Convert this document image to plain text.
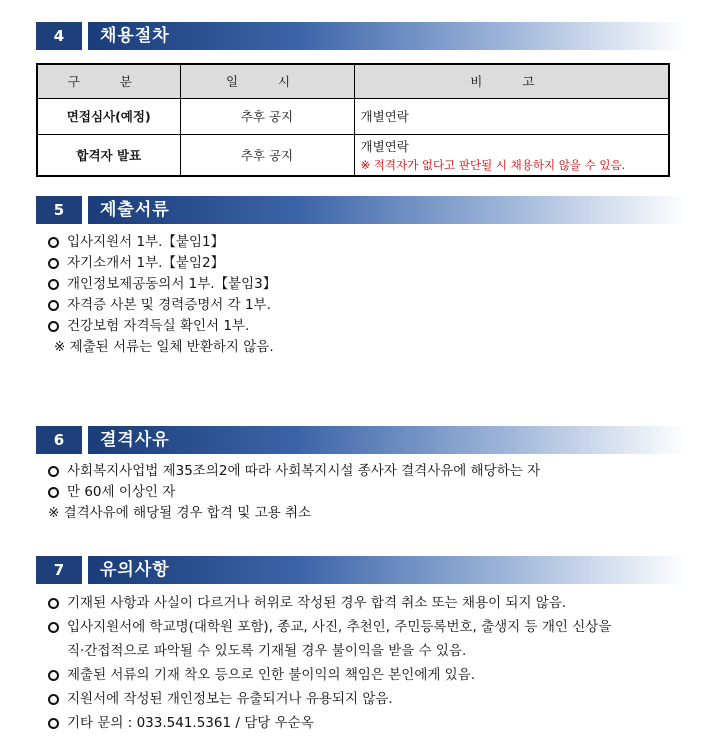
4	채용절차
구 분	일 시	비 고
면접심사(예정)	추후 공지	개별연락
합격자 발표	추후 공지	개별연락
※ 적격자가 없다고 판단될 시 채용하지 않을 수 있음.
5	제출서류
입사지원서 1부.【붙임1】
자기소개서 1부.【붙임2】
개인정보제공동의서 1부.【붙임3】
자격증 사본 및 경력증명서 각 1부.
건강보험 자격득실 확인서 1부.
※ 제출된 서류는 일체 반환하지 않음.
6	결격사유
사회복지사업법 제35조의2에 따라 사회복지시설 종사자 결격사유에 해당하는 자
만 60세 이상인 자
※ 결격사유에 해당될 경우 합격 및 고용 취소
7	유의사항
기재된 사항과 사실이 다르거나 허위로 작성된 경우 합격 취소 또는 채용이 되지 않음.
입사지원서에 학교명(대학원 포함), 종교, 사진, 추천인, 주민등록번호, 출생지 등 개인 신상을
직·간접적으로 파악될 수 있도록 기재될 경우 불이익을 받을 수 있음.
제출된 서류의 기재 착오 등으로 인한 불이익의 책임은 본인에게 있음.
지원서에 작성된 개인정보는 유출되거나 유용되지 않음.
기타 문의 : 033.541.5361 / 담당 우순옥
